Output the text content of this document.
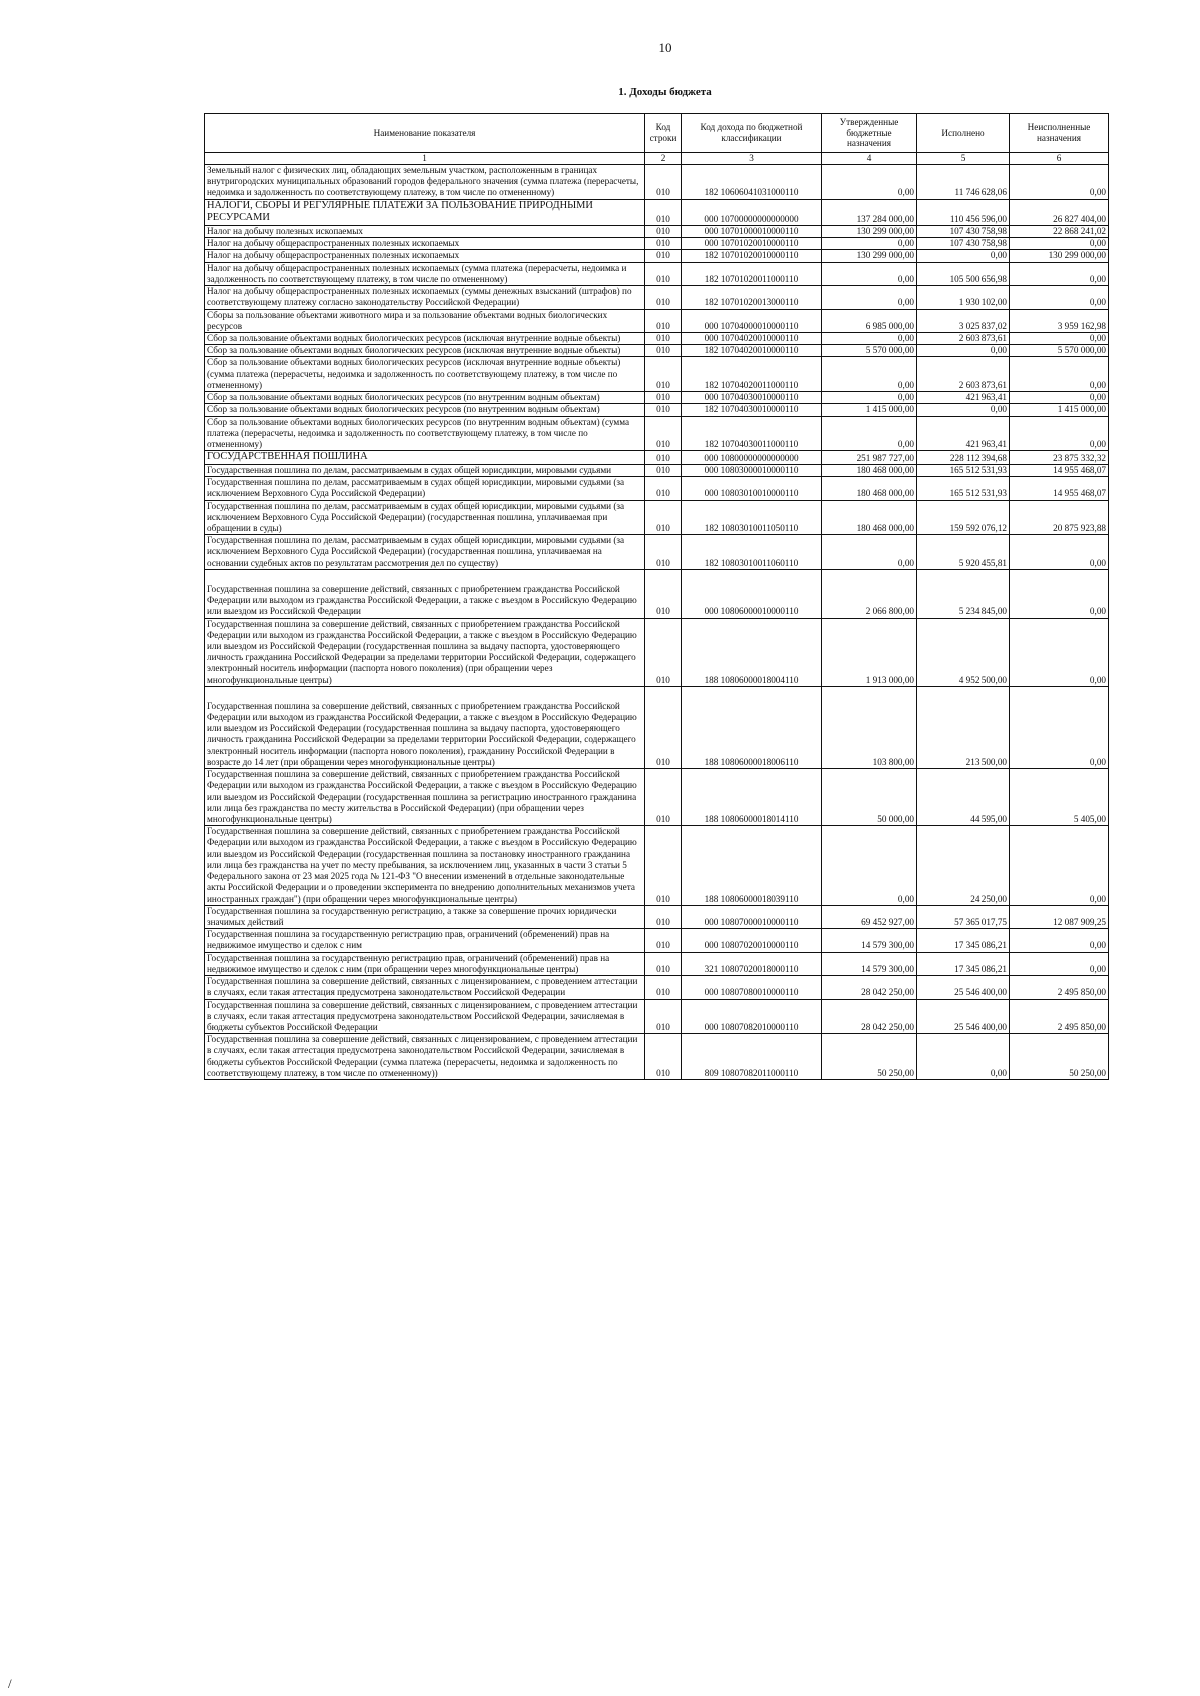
10
1. Доходы бюджета
Наименование показателя	Код строки	Код дохода по бюджетной классификации	Утвержденные бюджетные назначения	Исполнено	Неисполненные назначения
1	2	3	4	5	6
Земельный налог с физических лиц, обладающих земельным участком, расположенным в границах внутригородских муниципальных образований городов федерального значения (сумма платежа (перерасчеты, недоимка и задолженность по соответствующему платежу, в том числе по отмененному)	010	182 10606041031000110	0,00	11 746 628,06	0,00
НАЛОГИ, СБОРЫ И РЕГУЛЯРНЫЕ ПЛАТЕЖИ ЗА ПОЛЬЗОВАНИЕ ПРИРОДНЫМИ РЕСУРСАМИ	010	000 10700000000000000	137 284 000,00	110 456 596,00	26 827 404,00
Налог на добычу полезных ископаемых	010	000 10701000010000110	130 299 000,00	107 430 758,98	22 868 241,02
Налог на добычу общераспространенных полезных ископаемых	010	000 10701020010000110	0,00	107 430 758,98	0,00
Налог на добычу общераспространенных полезных ископаемых	010	182 10701020010000110	130 299 000,00	0,00	130 299 000,00
Налог на добычу общераспространенных полезных ископаемых (сумма платежа (перерасчеты, недоимка и задолженность по соответствующему платежу, в том числе по отмененному)	010	182 10701020011000110	0,00	105 500 656,98	0,00
Налог на добычу общераспространенных полезных ископаемых (суммы денежных взысканий (штрафов) по соответствующему платежу согласно законодательству Российской Федерации)	010	182 10701020013000110	0,00	1 930 102,00	0,00
Сборы за пользование объектами животного мира и за пользование объектами водных биологических ресурсов	010	000 10704000010000110	6 985 000,00	3 025 837,02	3 959 162,98
Сбор за пользование объектами водных биологических ресурсов (исключая внутренние водные объекты)	010	000 10704020010000110	0,00	2 603 873,61	0,00
Сбор за пользование объектами водных биологических ресурсов (исключая внутренние водные объекты)	010	182 10704020010000110	5 570 000,00	0,00	5 570 000,00
Сбор за пользование объектами водных биологических ресурсов (исключая внутренние водные объекты) (сумма платежа (перерасчеты, недоимка и задолженность по соответствующему платежу, в том числе по отмененному)	010	182 10704020011000110	0,00	2 603 873,61	0,00
Сбор за пользование объектами водных биологических ресурсов (по внутренним водным объектам)	010	000 10704030010000110	0,00	421 963,41	0,00
Сбор за пользование объектами водных биологических ресурсов (по внутренним водным объектам)	010	182 10704030010000110	1 415 000,00	0,00	1 415 000,00
Сбор за пользование объектами водных биологических ресурсов (по внутренним водным объектам) (сумма платежа (перерасчеты, недоимка и задолженность по соответствующему платежу, в том числе по отмененному)	010	182 10704030011000110	0,00	421 963,41	0,00
ГОСУДАРСТВЕННАЯ ПОШЛИНА	010	000 10800000000000000	251 987 727,00	228 112 394,68	23 875 332,32
Государственная пошлина по делам, рассматриваемым в судах общей юрисдикции, мировыми судьями	010	000 10803000010000110	180 468 000,00	165 512 531,93	14 955 468,07
Государственная пошлина по делам, рассматриваемым в судах общей юрисдикции, мировыми судьями (за исключением Верховного Суда Российской Федерации)	010	000 10803010010000110	180 468 000,00	165 512 531,93	14 955 468,07
Государственная пошлина по делам, рассматриваемым в судах общей юрисдикции, мировыми судьями (за исключением Верховного Суда Российской Федерации) (государственная пошлина, уплачиваемая при обращении в суды)	010	182 10803010011050110	180 468 000,00	159 592 076,12	20 875 923,88
Государственная пошлина по делам, рассматриваемым в судах общей юрисдикции, мировыми судьями (за исключением Верховного Суда Российской Федерации) (государственная пошлина, уплачиваемая на основании судебных актов по результатам рассмотрения дел по существу)	010	182 10803010011060110	0,00	5 920 455,81	0,00
Государственная пошлина за совершение действий, связанных с приобретением гражданства Российской Федерации или выходом из гражданства Российской Федерации, а также с въездом в Российскую Федерацию или выездом из Российской Федерации	010	000 10806000010000110	2 066 800,00	5 234 845,00	0,00
Государственная пошлина за совершение действий, связанных с приобретением гражданства Российской Федерации или выходом из гражданства Российской Федерации, а также с въездом в Российскую Федерацию или выездом из Российской Федерации (государственная пошлина за выдачу паспорта, удостоверяющего личность гражданина Российской Федерации за пределами территории Российской Федерации, содержащего электронный носитель информации (паспорта нового поколения) (при обращении через многофункциональные центры)	010	188 10806000018004110	1 913 000,00	4 952 500,00	0,00
Государственная пошлина за совершение действий, связанных с приобретением гражданства Российской Федерации или выходом из гражданства Российской Федерации, а также с въездом в Российскую Федерацию или выездом из Российской Федерации (государственная пошлина за выдачу паспорта, удостоверяющего личность гражданина Российской Федерации за пределами территории Российской Федерации, содержащего электронный носитель информации (паспорта нового поколения), гражданину Российской Федерации в возрасте до 14 лет (при обращении через многофункциональные центры)	010	188 10806000018006110	103 800,00	213 500,00	0,00
Государственная пошлина за совершение действий, связанных с приобретением гражданства Российской Федерации или выходом из гражданства Российской Федерации, а также с въездом в Российскую Федерацию или выездом из Российской Федерации (государственная пошлина за регистрацию иностранного гражданина или лица без гражданства по месту жительства в Российской Федерации) (при обращении через многофункциональные центры)	010	188 10806000018014110	50 000,00	44 595,00	5 405,00
Государственная пошлина за совершение действий, связанных с приобретением гражданства Российской Федерации или выходом из гражданства Российской Федерации, а также с въездом в Российскую Федерацию или выездом из Российской Федерации (государственная пошлина за постановку иностранного гражданина или лица без гражданства на учет по месту пребывания, за исключением лиц, указанных в части 3 статьи 5 Федерального закона от 23 мая 2025 года № 121-ФЗ "О внесении изменений в отдельные законодательные акты Российской Федерации и о проведении эксперимента по внедрению дополнительных механизмов учета иностранных граждан") (при обращении через многофункциональные центры)	010	188 10806000018039110	0,00	24 250,00	0,00
Государственная пошлина за государственную регистрацию, а также за совершение прочих юридически значимых действий	010	000 10807000010000110	69 452 927,00	57 365 017,75	12 087 909,25
Государственная пошлина за государственную регистрацию прав, ограничений (обременений) прав на недвижимое имущество и сделок с ним	010	000 10807020010000110	14 579 300,00	17 345 086,21	0,00
Государственная пошлина за государственную регистрацию прав, ограничений (обременений) прав на недвижимое имущество и сделок с ним (при обращении через многофункциональные центры)	010	321 10807020018000110	14 579 300,00	17 345 086,21	0,00
Государственная пошлина за совершение действий, связанных с лицензированием, с проведением аттестации в случаях, если такая аттестация предусмотрена законодательством Российской Федерации	010	000 10807080010000110	28 042 250,00	25 546 400,00	2 495 850,00
Государственная пошлина за совершение действий, связанных с лицензированием, с проведением аттестации в случаях, если такая аттестация предусмотрена законодательством Российской Федерации, зачисляемая в бюджеты субъектов Российской Федерации	010	000 10807082010000110	28 042 250,00	25 546 400,00	2 495 850,00
Государственная пошлина за совершение действий, связанных с лицензированием, с проведением аттестации в случаях, если такая аттестация предусмотрена законодательством Российской Федерации, зачисляемая в бюджеты субъектов Российской Федерации (сумма платежа (перерасчеты, недоимка и задолженность по соответствующему платежу, в том числе по отмененному))	010	809 10807082011000110	50 250,00	0,00	50 250,00
/
